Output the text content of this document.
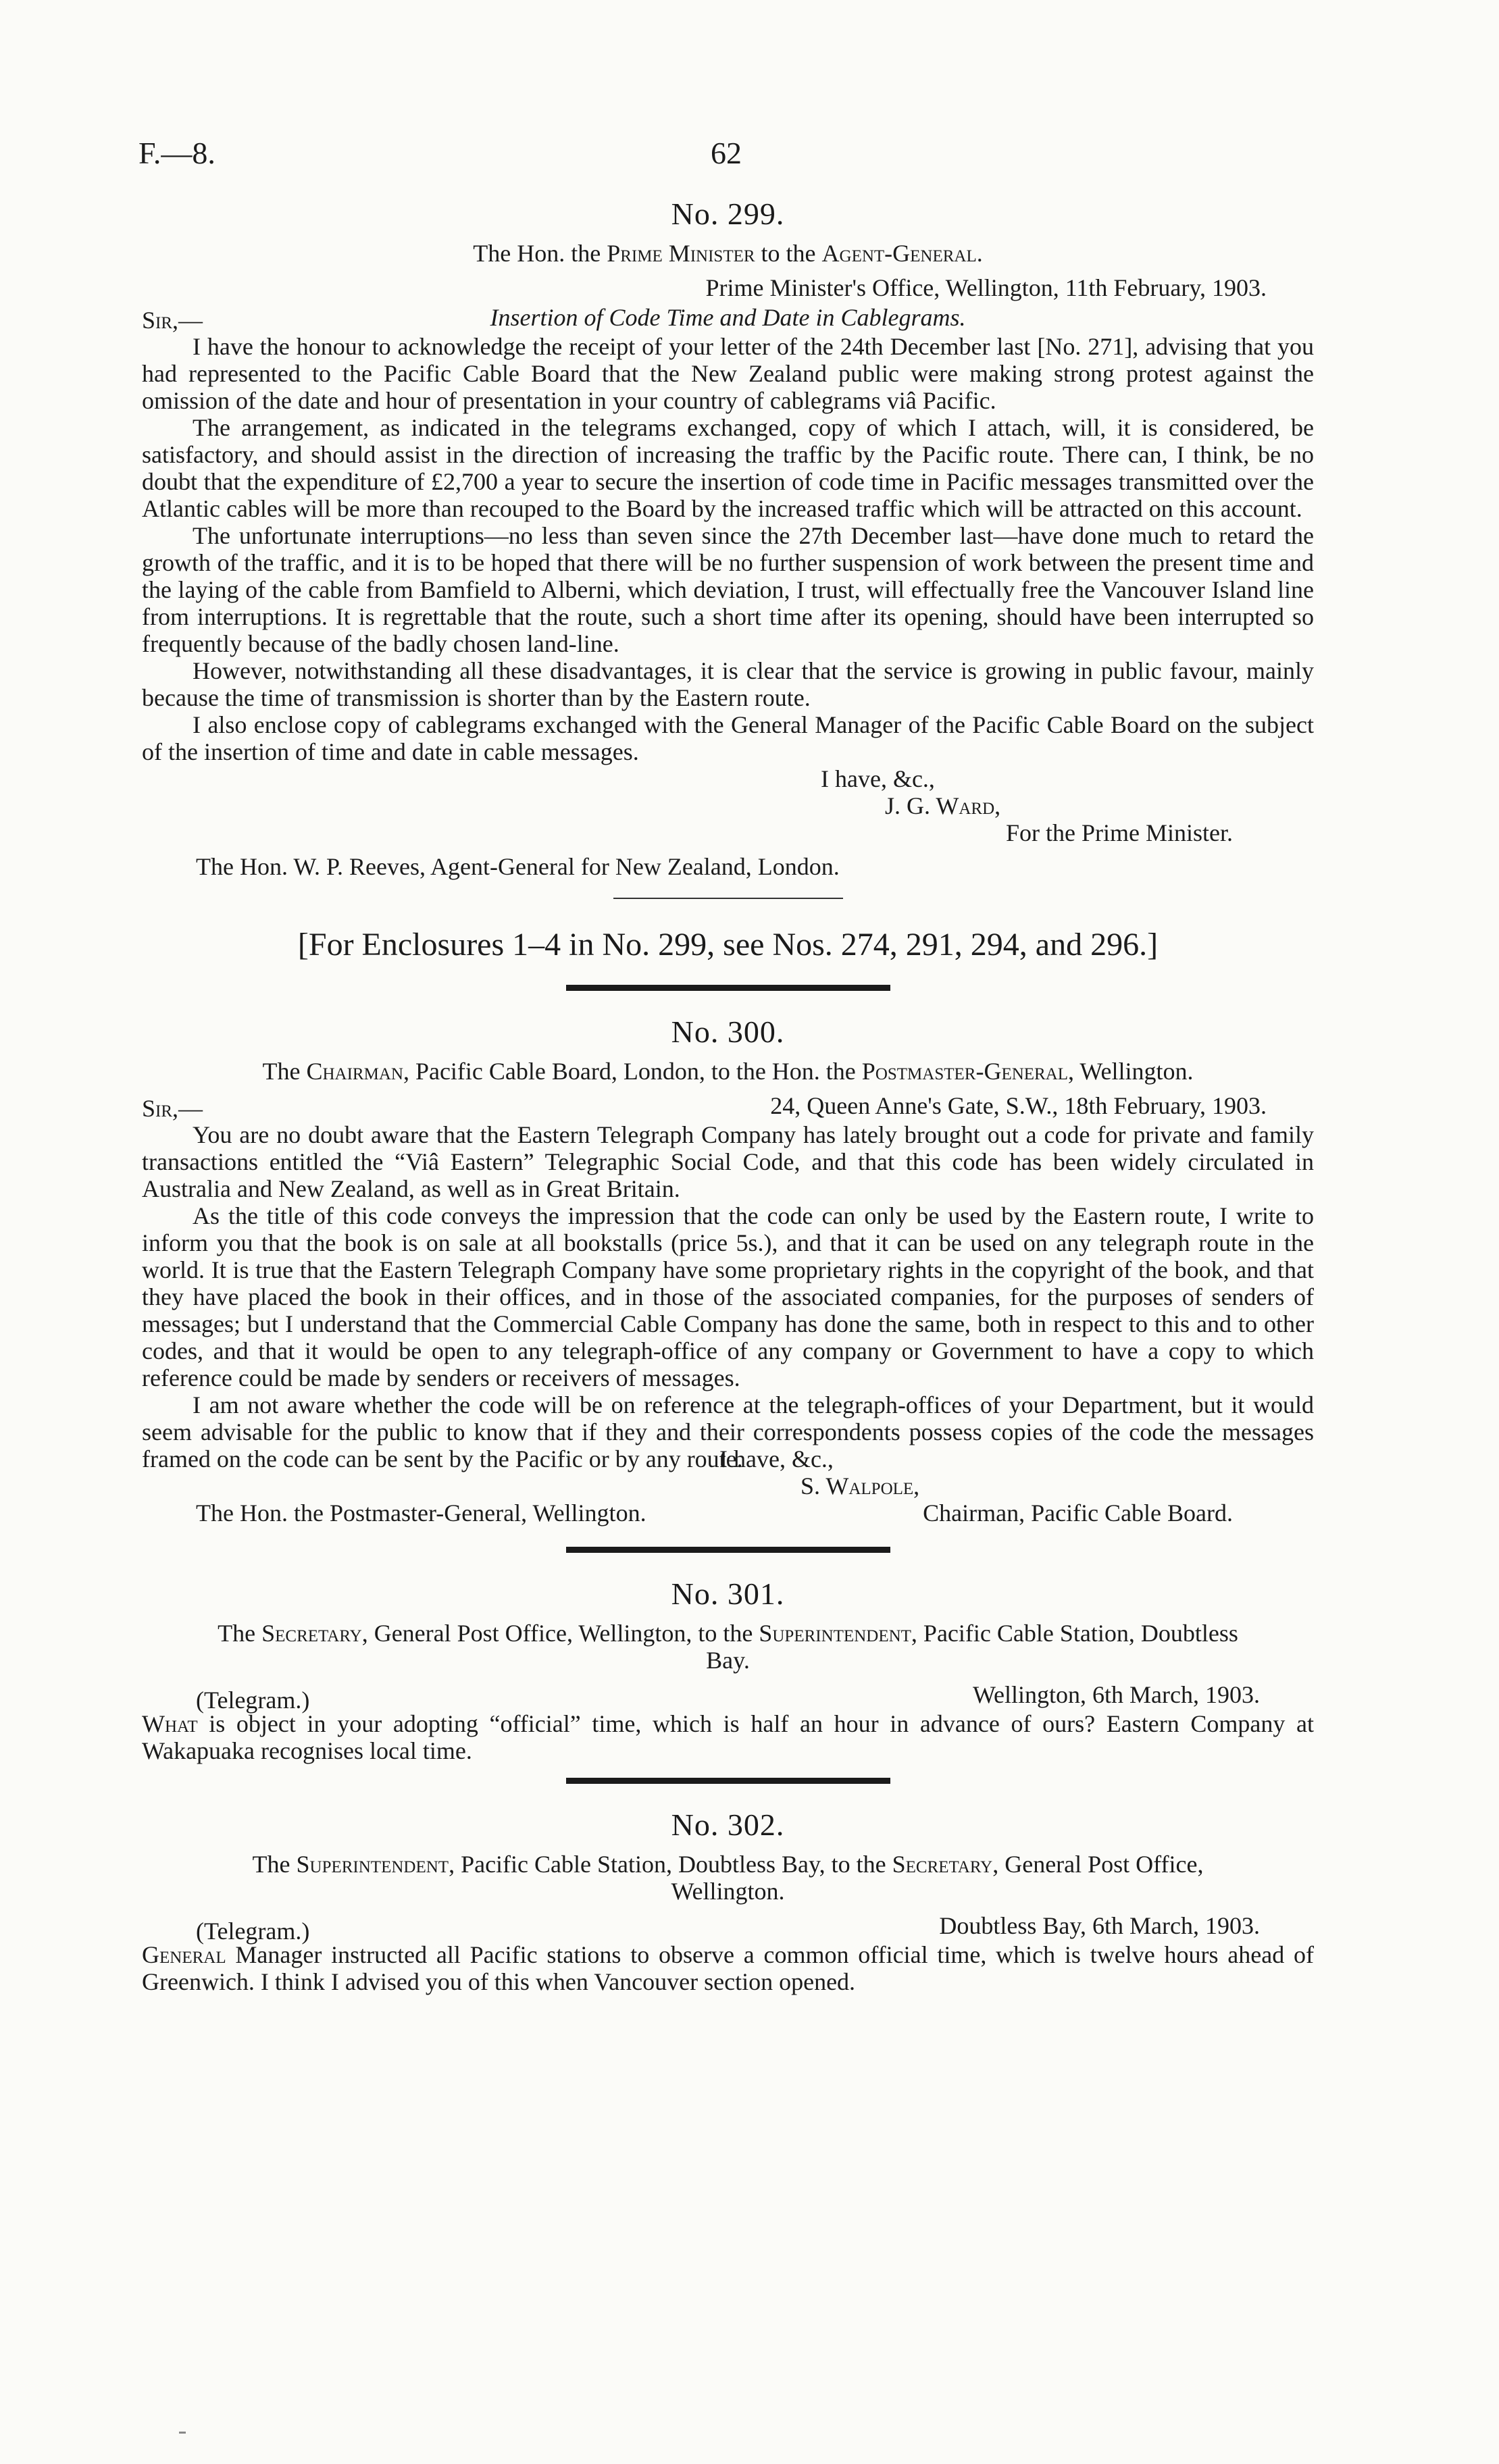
F.—8.	62
No. 299.
The Hon. the Prime Minister to the Agent-General.
Prime Minister's Office, Wellington, 11th February, 1903.
Sir,—	Insertion of Code Time and Date in Cablegrams.

I have the honour to acknowledge the receipt of your letter of the 24th December last [No. 271], advising that you had represented to the Pacific Cable Board that the New Zealand public were making strong protest against the omission of the date and hour of presentation in your country of cablegrams viâ Pacific.

The arrangement, as indicated in the telegrams exchanged, copy of which I attach, will, it is considered, be satisfactory, and should assist in the direction of increasing the traffic by the Pacific route. There can, I think, be no doubt that the expenditure of £2,700 a year to secure the insertion of code time in Pacific messages transmitted over the Atlantic cables will be more than recouped to the Board by the increased traffic which will be attracted on this account.

The unfortunate interruptions—no less than seven since the 27th December last—have done much to retard the growth of the traffic, and it is to be hoped that there will be no further suspension of work between the present time and the laying of the cable from Bamfield to Alberni, which deviation, I trust, will effectually free the Vancouver Island line from interruptions. It is regrettable that the route, such a short time after its opening, should have been interrupted so frequently because of the badly chosen land-line.

However, notwithstanding all these disadvantages, it is clear that the service is growing in public favour, mainly because the time of transmission is shorter than by the Eastern route.

I also enclose copy of cablegrams exchanged with the General Manager of the Pacific Cable Board on the subject of the insertion of time and date in cable messages.

I have, &c.,
J. G. Ward,
For the Prime Minister.
The Hon. W. P. Reeves, Agent-General for New Zealand, London.
[For Enclosures 1–4 in No. 299, see Nos. 274, 291, 294, and 296.]
No. 300.
The Chairman, Pacific Cable Board, London, to the Hon. the Postmaster-General, Wellington.
Sir,—	24, Queen Anne's Gate, S.W., 18th February, 1903.

You are no doubt aware that the Eastern Telegraph Company has lately brought out a code for private and family transactions entitled the “Viâ Eastern” Telegraphic Social Code, and that this code has been widely circulated in Australia and New Zealand, as well as in Great Britain.

As the title of this code conveys the impression that the code can only be used by the Eastern route, I write to inform you that the book is on sale at all bookstalls (price 5s.), and that it can be used on any telegraph route in the world. It is true that the Eastern Telegraph Company have some proprietary rights in the copyright of the book, and that they have placed the book in their offices, and in those of the associated companies, for the purposes of senders of messages; but I understand that the Commercial Cable Company has done the same, both in respect to this and to other codes, and that it would be open to any telegraph-office of any company or Government to have a copy to which reference could be made by senders or receivers of messages.

I am not aware whether the code will be on reference at the telegraph-offices of your Department, but it would seem advisable for the public to know that if they and their correspondents possess copies of the code the messages framed on the code can be sent by the Pacific or by any route.

I have, &c.,
S. Walpole,
The Hon. the Postmaster-General, Wellington.	Chairman, Pacific Cable Board.
No. 301.
The Secretary, General Post Office, Wellington, to the Superintendent, Pacific Cable Station, Doubtless Bay.
(Telegram.)	Wellington, 6th March, 1903.

What is object in your adopting “official” time, which is half an hour in advance of ours? Eastern Company at Wakapuaka recognises local time.

No. 302.
The Superintendent, Pacific Cable Station, Doubtless Bay, to the Secretary, General Post Office, Wellington.
(Telegram.)	Doubtless Bay, 6th March, 1903.

General Manager instructed all Pacific stations to observe a common official time, which is twelve hours ahead of Greenwich. I think I advised you of this when Vancouver section opened.
